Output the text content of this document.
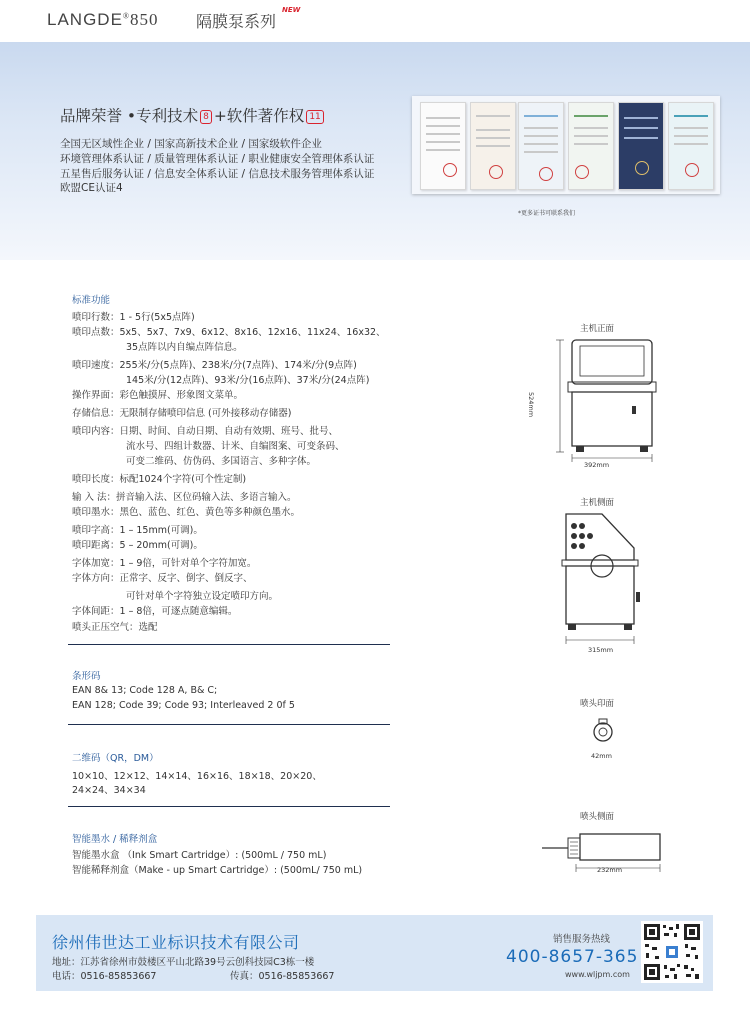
LANGDE®850 隔膜泵系列
NEW
品牌荣誉 •专利技术 8 +软件著作权 11
全国无区域性企业 / 国家高新技术企业 / 国家级软件企业
环境管理体系认证 / 质量管理体系认证 / 职业健康安全管理体系认证
五星售后服务认证 / 信息安全体系认证 / 信息技术服务管理体系认证
欧盟CE认证4
*更多证书可联系我们
标准功能
喷印行数：1 - 5行(5x5点阵)
喷印点数：5x5、5x7、7x9、6x12、8x16、12x16、11x24、16x32、
35点阵以内自编点阵信息。
喷印速度：255米/分(5点阵)、238米/分(7点阵)、174米/分(9点阵)
145米/分(12点阵)、93米/分(16点阵)、37米/分(24点阵)
操作界面：彩色触摸屏、形象图文菜单。
存储信息：无限制存储喷印信息 (可外接移动存储器)
喷印内容：日期、时间、自动日期、自动有效期、班号、批号、
流水号、四组计数器、计米、自编图案、可变条码、
可变二维码、仿伪码、多国语言、多种字体。
喷印长度：标配1024个字符(可个性定制)
输 入 法：拼音输入法、区位码输入法、多语言输入。
喷印墨水：黑色、蓝色、红色、黄色等多种颜色墨水。
喷印字高：1 – 15mm(可调)。
喷印距离：5 – 20mm(可调)。
字体加宽：1 – 9倍，可针对单个字符加宽。
字体方向：正常字、反字、倒字、倒反字、
可针对单个字符独立设定喷印方向。
字体间距：1 – 8倍，可逐点随意编辑。
喷头正压空气：选配
条形码
EAN 8& 13; Code 128 A, B& C;
EAN 128; Code 39; Code 93; Interleaved 2 0f 5
二维码（QR，DM）
10×10、12×12、14×14、16×16、18×18、20×20、
24×24、34×34
智能墨水 / 稀释剂盒
智能墨水盒 （Ink Smart Cartridge）: (500mL / 750 mL)
智能稀释剂盒（Make - up Smart Cartridge）: (500mL/ 750 mL)
主机正面
524mm
392mm
主机侧面
315mm
喷头印面
42mm
喷头侧面
232mm
徐州伟世达工业标识技术有限公司
地址：江苏省徐州市鼓楼区平山北路39号云创科技园C3栋一楼
电话：0516-85853667	传真：0516-85853667
销售服务热线
400-8657-365
www.wljpm.com
